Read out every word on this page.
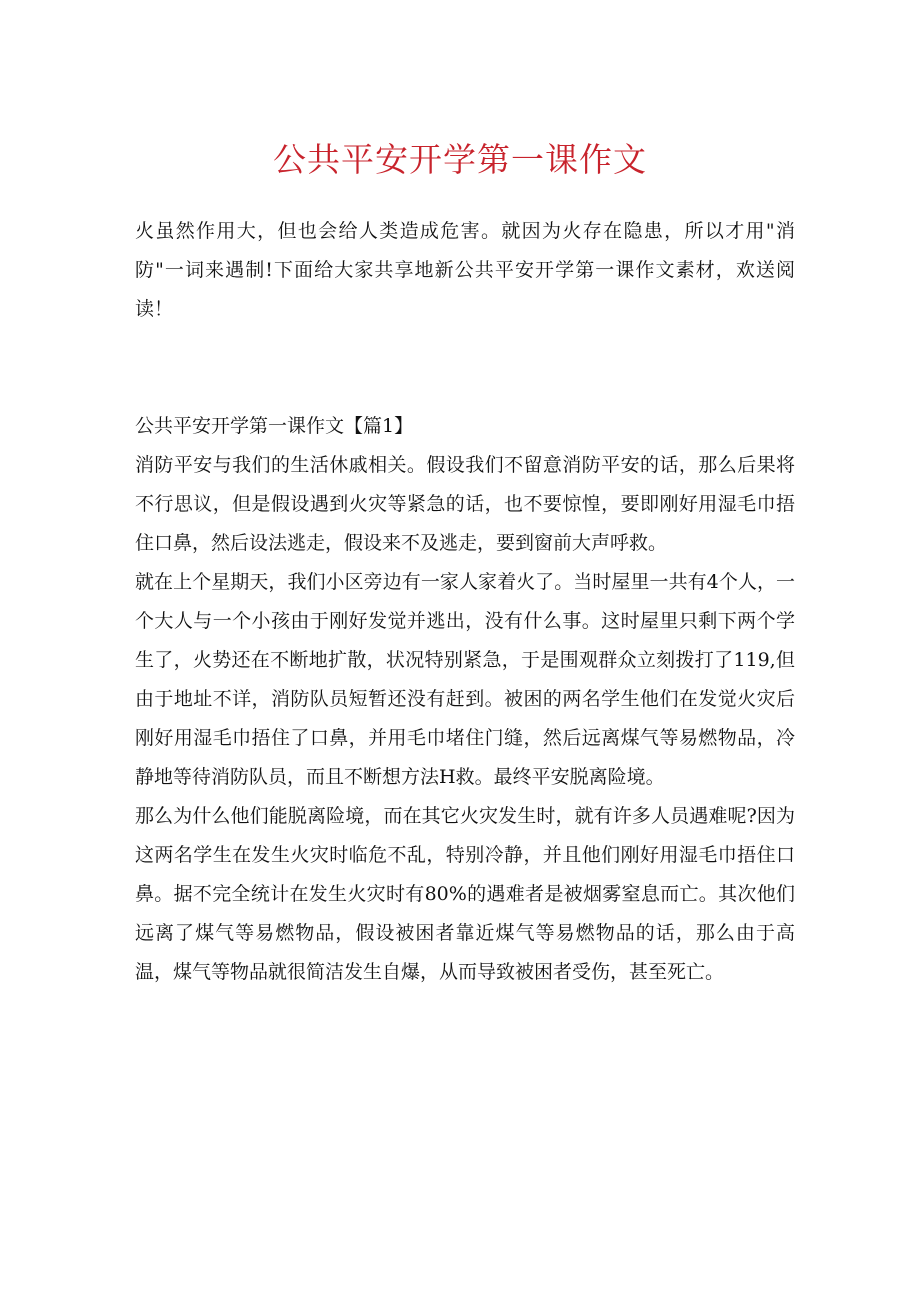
公共平安开学第一课作文

火虽然作用大，但也会给人类造成危害。就因为火存在隐患，所以才用"消防"一词来遇制!下面给大家共享地新公共平安开学第一课作文素材，欢送阅读！

公共平安开学第一课作文【篇1】

消防平安与我们的生活休戚相关。假设我们不留意消防平安的话，那么后果将不行思议，但是假设遇到火灾等紧急的话，也不要惊惶，要即刚好用湿毛巾捂住口鼻，然后设法逃走，假设来不及逃走，要到窗前大声呼救。

就在上个星期天，我们小区旁边有一家人家着火了。当时屋里一共有4个人，一个大人与一个小孩由于刚好发觉并逃出，没有什么事。这时屋里只剩下两个学生了，火势还在不断地扩散，状况特别紧急，于是围观群众立刻拨打了119,但由于地址不详，消防队员短暂还没有赶到。被困的两名学生他们在发觉火灾后刚好用湿毛巾捂住了口鼻，并用毛巾堵住门缝，然后远离煤气等易燃物品，冷静地等待消防队员，而且不断想方法H救。最终平安脱离险境。

那么为什么他们能脱离险境，而在其它火灾发生时，就有许多人员遇难呢?因为这两名学生在发生火灾时临危不乱，特别冷静，并且他们刚好用湿毛巾捂住口鼻。据不完全统计在发生火灾时有80%的遇难者是被烟雾窒息而亡。其次他们远离了煤气等易燃物品，假设被困者靠近煤气等易燃物品的话，那么由于高温，煤气等物品就很简洁发生自爆，从而导致被困者受伤，甚至死亡。
